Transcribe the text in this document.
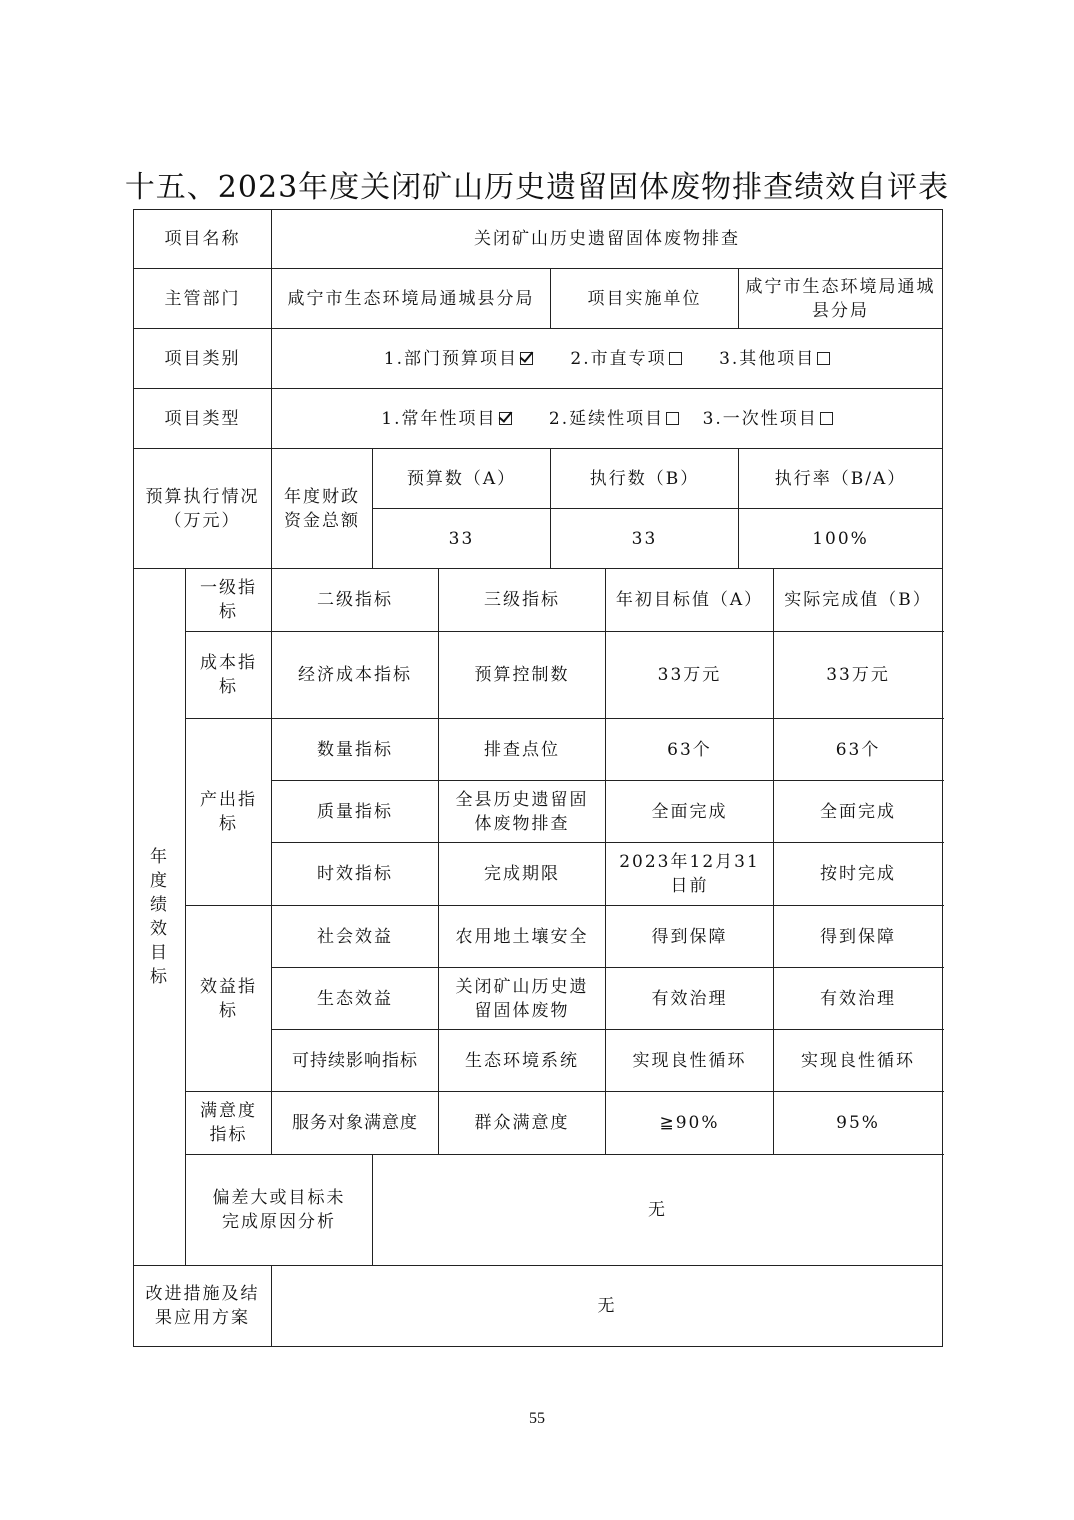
十五、2023年度关闭矿山历史遗留固体废物排查绩效自评表
项目名称		关闭矿山历史遗留固体废物排查						
主管部门		咸宁市生态环境局通城县分局			项目实施单位		咸宁市生态环境局通城县分局	
项目类别		1.部门预算项目 2.市直专项 3.其他项目						
项目类型		1.常年性项目 2.延续性项目 3.一次性项目						
预算执行情况（万元）		年度财政资金总额	预算数（A）		执行数（B）		执行率（B/A）	
			33		33		100%	
年度绩效目标	一级指标	二级指标		三级指标		年初目标值（A）		实际完成值（B）
	成本指标	经济成本指标		预算控制数		33万元		33万元
	产出指标	数量指标		排查点位		63个		63个
		质量指标		全县历史遗留固体废物排查		全面完成		全面完成
		时效指标		完成期限		2023年12月31日前		按时完成
	效益指标	社会效益		农用地土壤安全		得到保障		得到保障
		生态效益		关闭矿山历史遗留固体废物		有效治理		有效治理
		可持续影响指标		生态环境系统		实现良性循环		实现良性循环
	满意度指标	服务对象满意度		群众满意度		≧90%		95%
	偏差大或目标未完成原因分析		无					
改进措施及结果应用方案		无						
55
